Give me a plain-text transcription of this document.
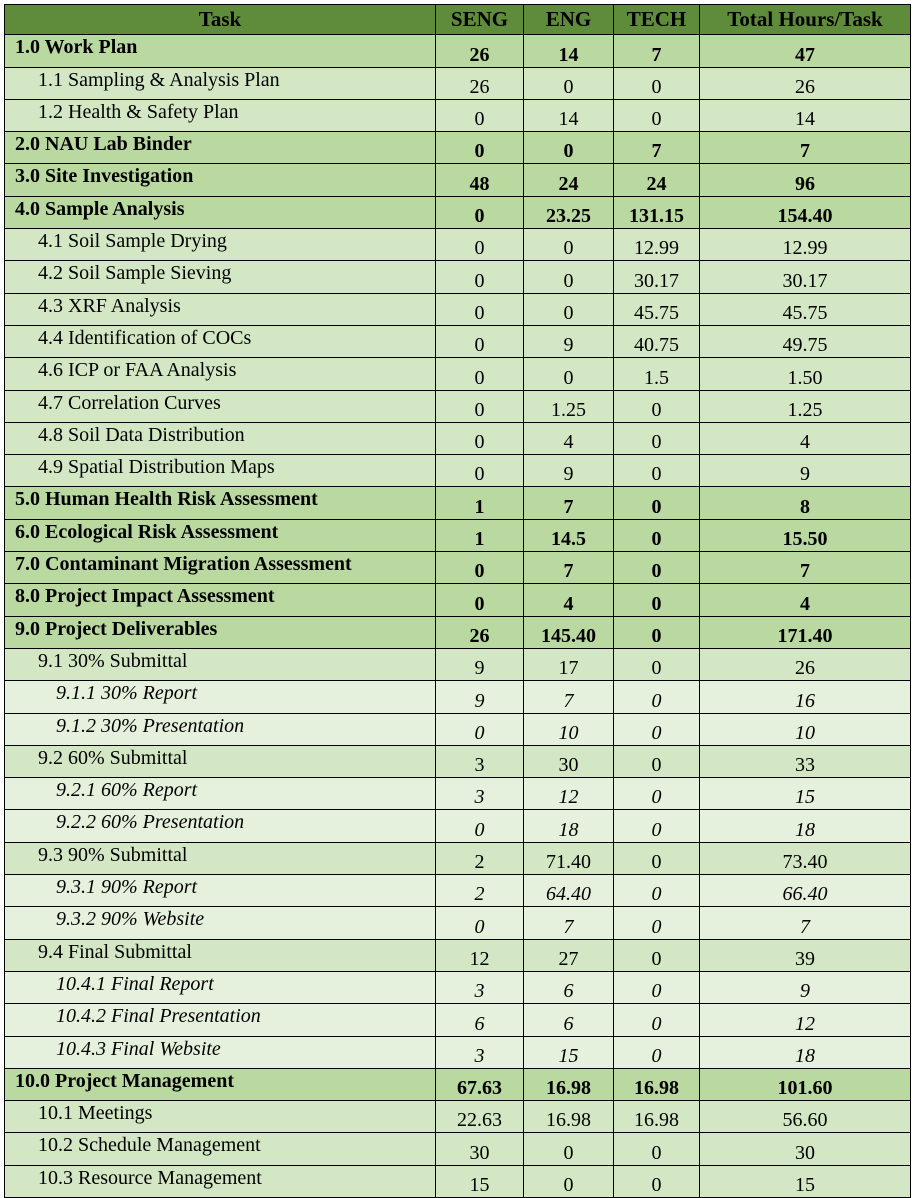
Task	SENG	ENG	TECH	Total Hours/Task
1.0 Work Plan	26	14	7	47
1.1 Sampling & Analysis Plan	26	0	0	26
1.2 Health & Safety Plan	0	14	0	14
2.0 NAU Lab Binder	0	0	7	7
3.0 Site Investigation	48	24	24	96
4.0 Sample Analysis	0	23.25	131.15	154.40
4.1 Soil Sample Drying	0	0	12.99	12.99
4.2 Soil Sample Sieving	0	0	30.17	30.17
4.3 XRF Analysis	0	0	45.75	45.75
4.4 Identification of COCs	0	9	40.75	49.75
4.6 ICP or FAA Analysis	0	0	1.5	1.50
4.7 Correlation Curves	0	1.25	0	1.25
4.8 Soil Data Distribution	0	4	0	4
4.9 Spatial Distribution Maps	0	9	0	9
5.0 Human Health Risk Assessment	1	7	0	8
6.0 Ecological Risk Assessment	1	14.5	0	15.50
7.0 Contaminant Migration Assessment	0	7	0	7
8.0 Project Impact Assessment	0	4	0	4
9.0 Project Deliverables	26	145.40	0	171.40
9.1 30% Submittal	9	17	0	26
9.1.1 30% Report	9	7	0	16
9.1.2 30% Presentation	0	10	0	10
9.2 60% Submittal	3	30	0	33
9.2.1 60% Report	3	12	0	15
9.2.2 60% Presentation	0	18	0	18
9.3 90% Submittal	2	71.40	0	73.40
9.3.1 90% Report	2	64.40	0	66.40
9.3.2 90% Website	0	7	0	7
9.4 Final Submittal	12	27	0	39
10.4.1 Final Report	3	6	0	9
10.4.2 Final Presentation	6	6	0	12
10.4.3 Final Website	3	15	0	18
10.0 Project Management	67.63	16.98	16.98	101.60
10.1 Meetings	22.63	16.98	16.98	56.60
10.2 Schedule Management	30	0	0	30
10.3 Resource Management	15	0	0	15
